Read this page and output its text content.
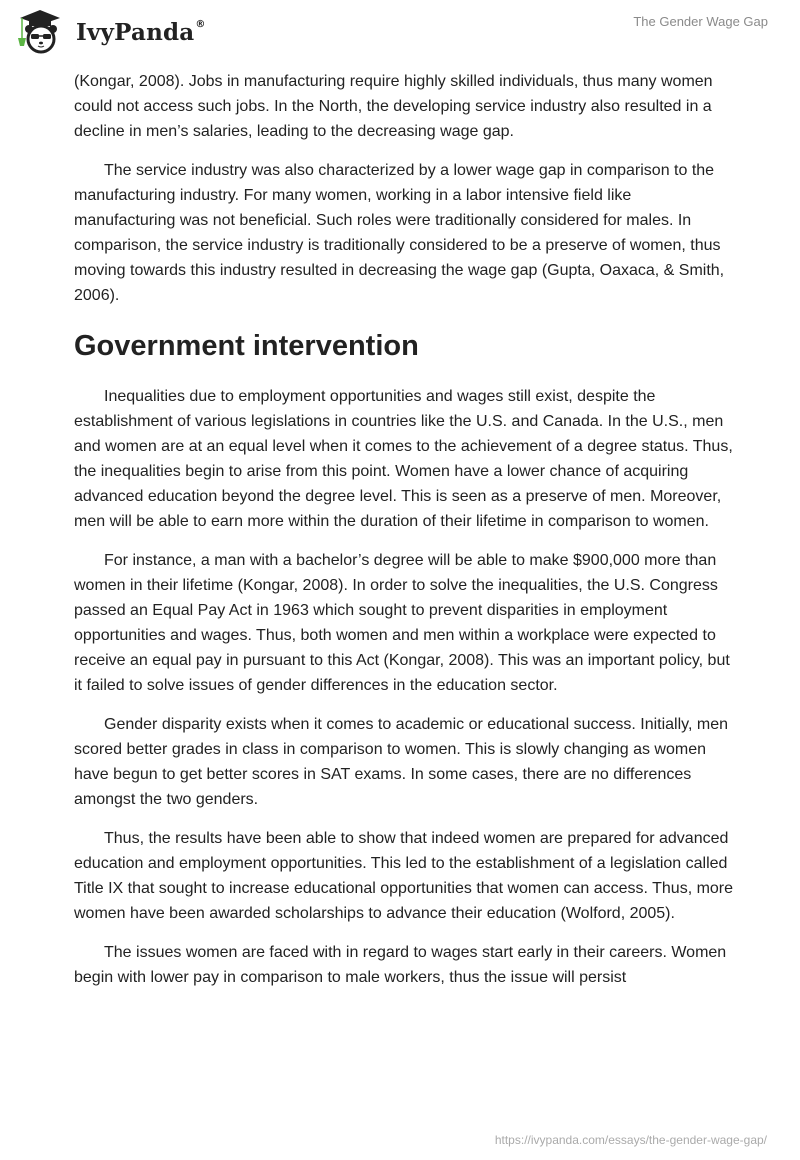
IvyPanda®	The Gender Wage Gap

(Kongar, 2008). Jobs in manufacturing require highly skilled individuals, thus many women could not access such jobs. In the North, the developing service industry also resulted in a decline in men’s salaries, leading to the decreasing wage gap.

The service industry was also characterized by a lower wage gap in comparison to the manufacturing industry. For many women, working in a labor intensive field like manufacturing was not beneficial. Such roles were traditionally considered for males. In comparison, the service industry is traditionally considered to be a preserve of women, thus moving towards this industry resulted in decreasing the wage gap (Gupta, Oaxaca, & Smith, 2006).

Government intervention

Inequalities due to employment opportunities and wages still exist, despite the establishment of various legislations in countries like the U.S. and Canada. In the U.S., men and women are at an equal level when it comes to the achievement of a degree status. Thus, the inequalities begin to arise from this point. Women have a lower chance of acquiring advanced education beyond the degree level. This is seen as a preserve of men. Moreover, men will be able to earn more within the duration of their lifetime in comparison to women.

For instance, a man with a bachelor’s degree will be able to make $900,000 more than women in their lifetime (Kongar, 2008). In order to solve the inequalities, the U.S. Congress passed an Equal Pay Act in 1963 which sought to prevent disparities in employment opportunities and wages. Thus, both women and men within a workplace were expected to receive an equal pay in pursuant to this Act (Kongar, 2008). This was an important policy, but it failed to solve issues of gender differences in the education sector.

Gender disparity exists when it comes to academic or educational success. Initially, men scored better grades in class in comparison to women. This is slowly changing as women have begun to get better scores in SAT exams. In some cases, there are no differences amongst the two genders.

Thus, the results have been able to show that indeed women are prepared for advanced education and employment opportunities. This led to the establishment of a legislation called Title IX that sought to increase educational opportunities that women can access. Thus, more women have been awarded scholarships to advance their education (Wolford, 2005).

The issues women are faced with in regard to wages start early in their careers. Women begin with lower pay in comparison to male workers, thus the issue will persist

https://ivypanda.com/essays/the-gender-wage-gap/
